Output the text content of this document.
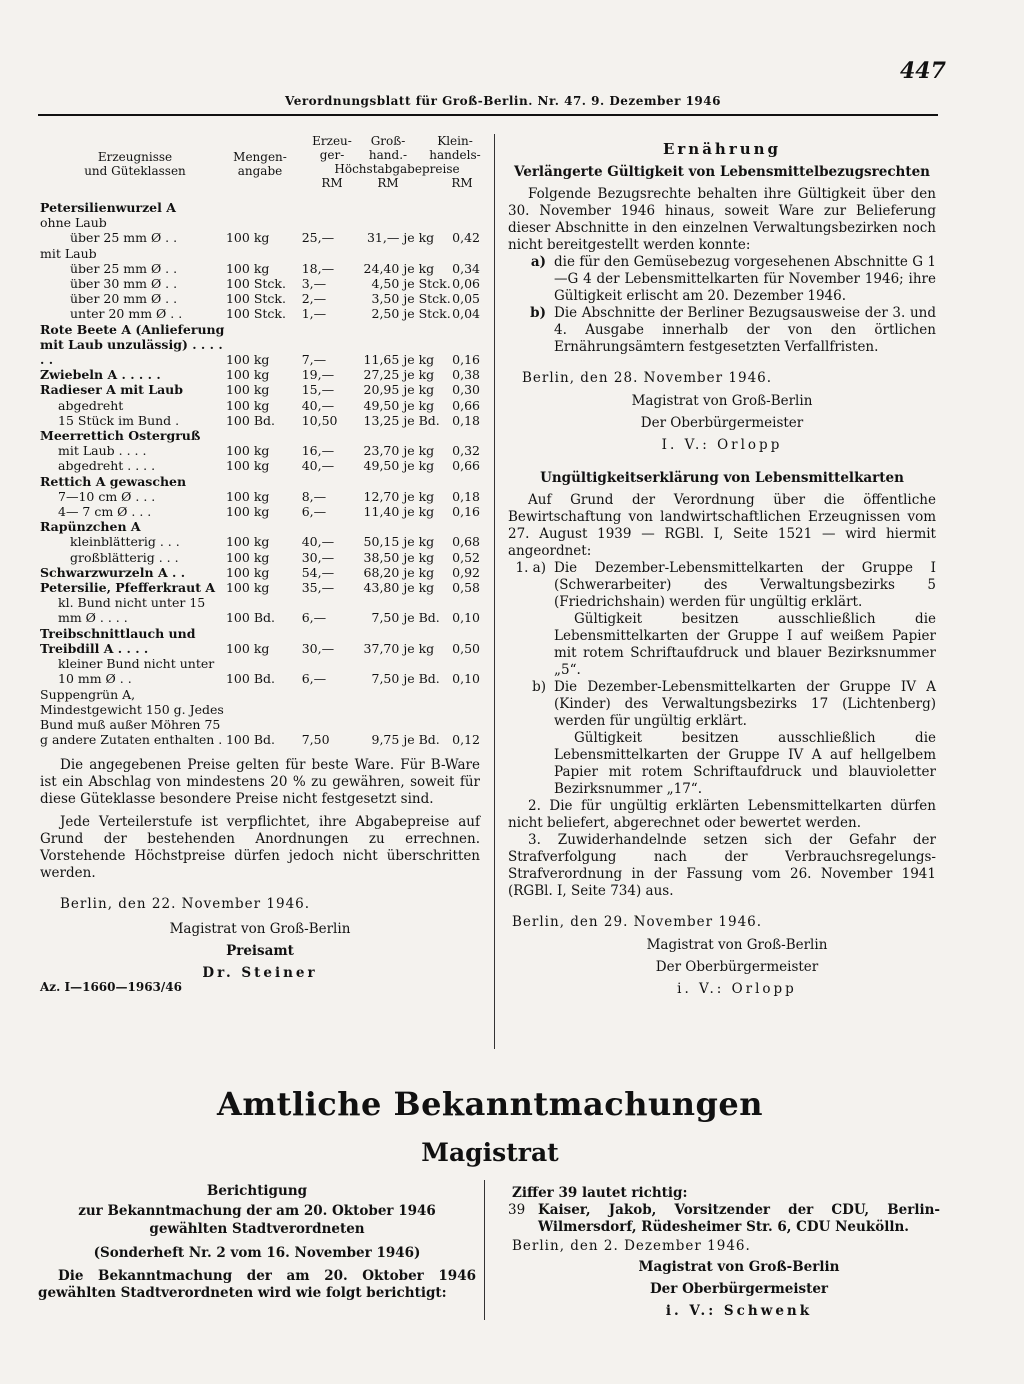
447
Verordnungsblatt für Groß-Berlin. Nr. 47. 9. Dezember 1946
Erzeugnisse
und Güteklassen
Mengen-
angabe
Erzeu-
ger-
Groß-
hand.-
Klein-
handels-
Höchstabgabepreise
RM	RM	RM
Petersilienwurzel A					
ohne Laub					
über 25 mm Ø . .	100 kg	25,—	31,—	je kg	0,42
mit Laub					
über 25 mm Ø . .	100 kg	18,—	24,40	je kg	0,34
über 30 mm Ø . .	100 Stck.	3,—	4,50	je Stck.	0,06
über 20 mm Ø . .	100 Stck.	2,—	3,50	je Stck.	0,05
unter 20 mm Ø . .	100 Stck.	1,—	2,50	je Stck.	0,04
Rote Beete A (Anlieferung mit Laub unzulässig) . . . . . .	100 kg	7,—	11,65	je kg	0,16
Zwiebeln A . . . . .	100 kg	19,—	27,25	je kg	0,38
Radieser A mit Laub	100 kg	15,—	20,95	je kg	0,30
abgedreht	100 kg	40,—	49,50	je kg	0,66
15 Stück im Bund .	100 Bd.	10,50	13,25	je Bd.	0,18
Meerrettich Ostergruß					
mit Laub . . . .	100 kg	16,—	23,70	je kg	0,32
abgedreht . . . .	100 kg	40,—	49,50	je kg	0,66
Rettich A gewaschen					
7—10 cm Ø . . .	100 kg	8,—	12,70	je kg	0,18
4— 7 cm Ø . . .	100 kg	6,—	11,40	je kg	0,16
Rapünzchen A					
kleinblätterig . . .	100 kg	40,—	50,15	je kg	0,68
großblätterig . . .	100 kg	30,—	38,50	je kg	0,52
Schwarzwurzeln A . .	100 kg	54,—	68,20	je kg	0,92
Petersilie, Pfefferkraut A	100 kg	35,—	43,80	je kg	0,58
kl. Bund nicht unter 15 mm Ø . . . .	100 Bd.	6,—	7,50	je Bd.	0,10
Treibschnittlauch und Treibdill A . . . .	100 kg	30,—	37,70	je kg	0,50
kleiner Bund nicht unter 10 mm Ø . .	100 Bd.	6,—	7,50	je Bd.	0,10
Suppengrün A, Mindestgewicht 150 g. Jedes Bund muß außer Möhren 75 g andere Zutaten enthalten .	100 Bd.	7,50	9,75	je Bd.	0,12

Die angegebenen Preise gelten für beste Ware. Für B-Ware ist ein Abschlag von mindestens 20 % zu gewähren, soweit für diese Güteklasse besondere Preise nicht festgesetzt sind.

Jede Verteilerstufe ist verpflichtet, ihre Abgabepreise auf Grund der bestehenden Anordnungen zu errechnen. Vorstehende Höchstpreise dürfen jedoch nicht überschritten werden.

Berlin, den 22. November 1946.
Magistrat von Groß-Berlin
Preisamt
Dr. Steiner
Az. I—1660—1963/46
Ernährung
Verlängerte Gültigkeit von Lebensmittelbezugsrechten

Folgende Bezugsrechte behalten ihre Gültigkeit über den 30. November 1946 hinaus, soweit Ware zur Belieferung dieser Abschnitte in den einzelnen Verwaltungsbezirken noch nicht bereitgestellt werden konnte:

a) die für den Gemüsebezug vorgesehenen Abschnitte G 1—G 4 der Lebensmittelkarten für November 1946; ihre Gültigkeit erlischt am 20. Dezember 1946.
b) Die Abschnitte der Berliner Bezugsausweise der 3. und 4. Ausgabe innerhalb der von den örtlichen Ernährungsämtern festgesetzten Verfallfristen.
Berlin, den 28. November 1946.
Magistrat von Groß-Berlin
Der Oberbürgermeister
I. V.: Orlopp
Ungültigkeitserklärung von Lebensmittelkarten

Auf Grund der Verordnung über die öffentliche Bewirtschaftung von landwirtschaftlichen Erzeugnissen vom 27. August 1939 — RGBl. I, Seite 1521 — wird hiermit angeordnet:

1. a) Die Dezember-Lebensmittelkarten der Gruppe I (Schwerarbeiter) des Verwaltungsbezirks 5 (Friedrichshain) werden für ungültig erklärt.
Gültigkeit besitzen ausschließlich die Lebensmittelkarten der Gruppe I auf weißem Papier mit rotem Schriftaufdruck und blauer Bezirksnummer „5“.
b) Die Dezember-Lebensmittelkarten der Gruppe IV A (Kinder) des Verwaltungsbezirks 17 (Lichtenberg) werden für ungültig erklärt.
Gültigkeit besitzen ausschließlich die Lebensmittelkarten der Gruppe IV A auf hellgelbem Papier mit rotem Schriftaufdruck und blauvioletter Bezirksnummer „17“.

2. Die für ungültig erklärten Lebensmittelkarten dürfen nicht beliefert, abgerechnet oder bewertet werden.

3. Zuwiderhandelnde setzen sich der Gefahr der Strafverfolgung nach der Verbrauchsregelungs-Strafverordnung in der Fassung vom 26. November 1941 (RGBl. I, Seite 734) aus.

Berlin, den 29. November 1946.
Magistrat von Groß-Berlin
Der Oberbürgermeister
i. V.: Orlopp
Amtliche Bekanntmachungen
Magistrat
Berichtigung
zur Bekanntmachung der am 20. Oktober 1946 gewählten Stadtverordneten
(Sonderheft Nr. 2 vom 16. November 1946)

Die Bekanntmachung der am 20. Oktober 1946 gewählten Stadtverordneten wird wie folgt berichtigt:

Ziffer 39 lautet richtig:
39 Kaiser, Jakob, Vorsitzender der CDU, Berlin-Wilmersdorf, Rüdesheimer Str. 6, CDU Neukölln.
Berlin, den 2. Dezember 1946.
Magistrat von Groß-Berlin
Der Oberbürgermeister
i. V.: Schwenk
